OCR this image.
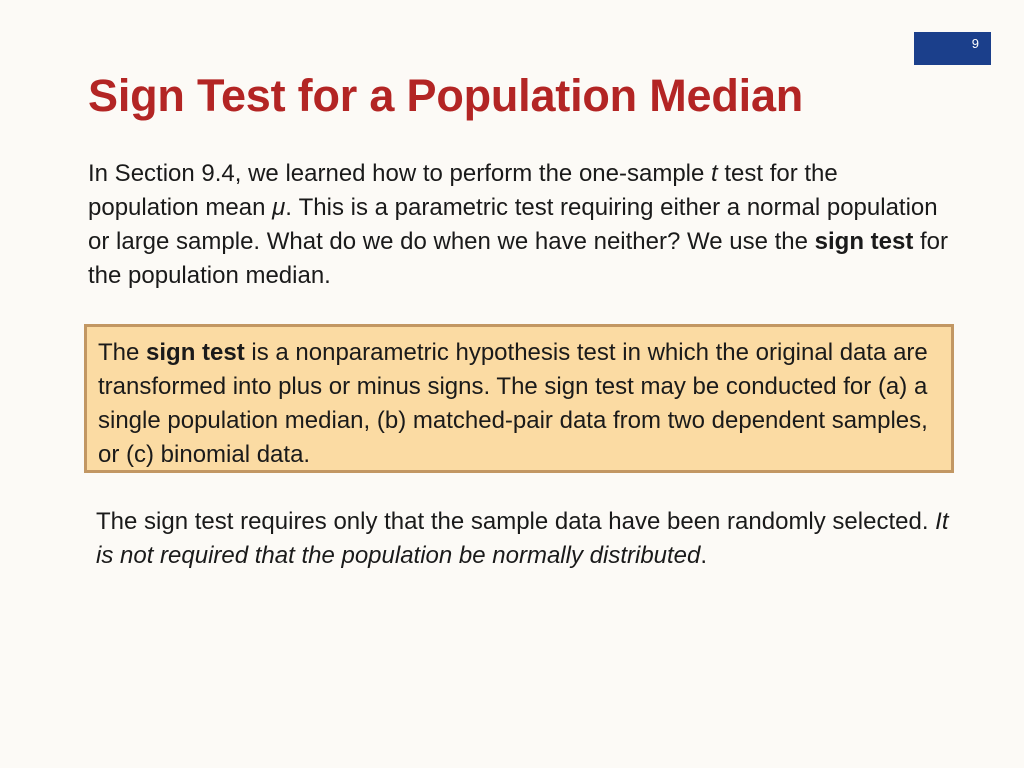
9
Sign Test for a Population Median

In Section 9.4, we learned how to perform the one-sample t test for the population mean μ. This is a parametric test requiring either a normal population or large sample. What do we do when we have neither? We use the sign test for the population median.

The sign test is a nonparametric hypothesis test in which the original data are transformed into plus or minus signs. The sign test may be conducted for (a) a single population median, (b) matched-pair data from two dependent samples, or (c) binomial data.

The sign test requires only that the sample data have been randomly selected. It is not required that the population be normally distributed.
